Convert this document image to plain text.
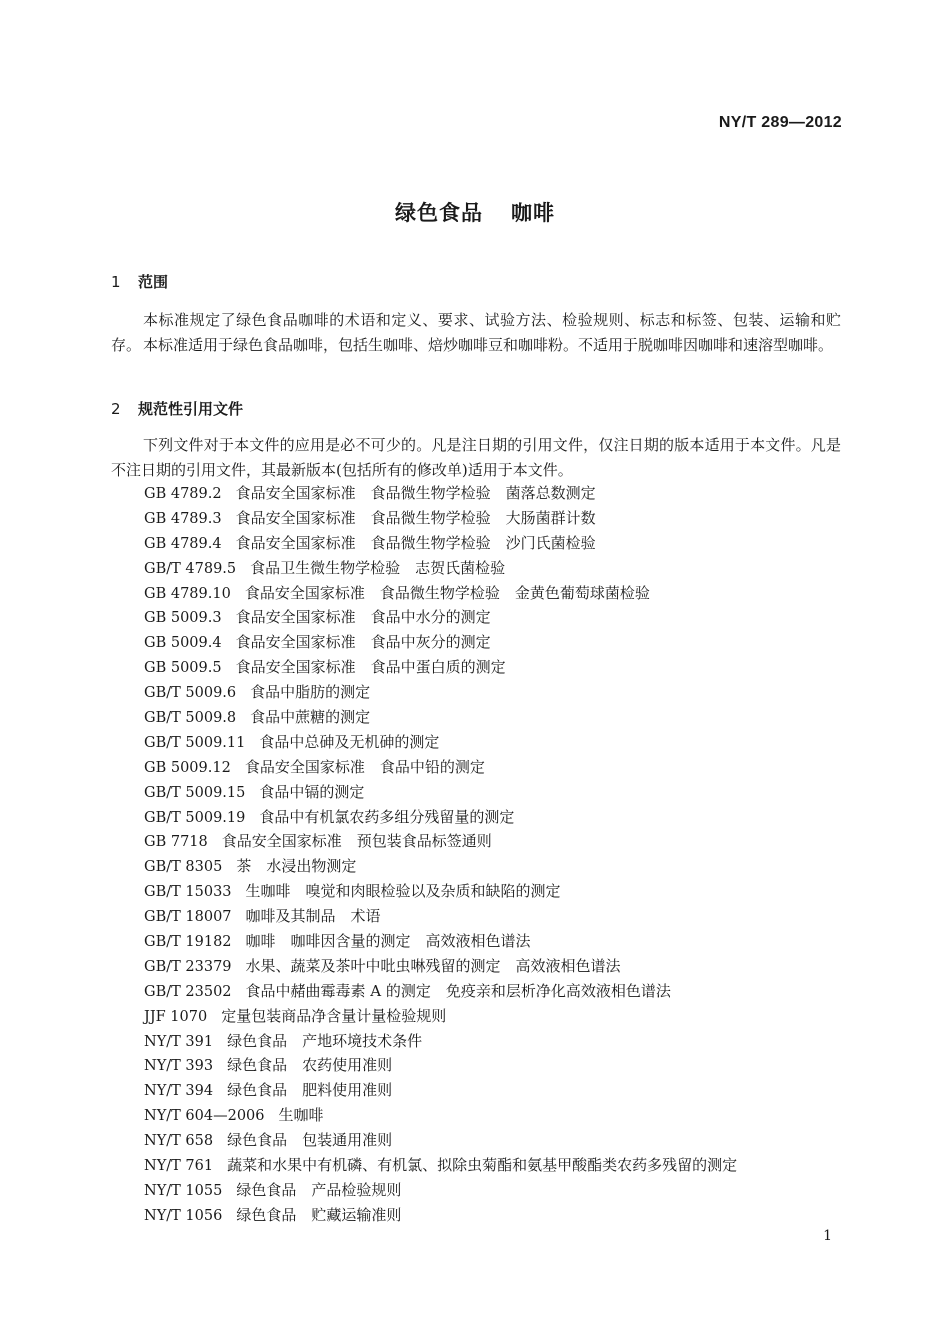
NY/T 289—2012
绿色食品 咖啡
1 范围
本标准规定了绿色食品咖啡的术语和定义、要求、试验方法、检验规则、标志和标签、包装、运输和贮存。 本标准适用于绿色食品咖啡，包括生咖啡、焙炒咖啡豆和咖啡粉。不适用于脱咖啡因咖啡和速溶型咖啡。
2 规范性引用文件
下列文件对于本文件的应用是必不可少的。凡是注日期的引用文件，仅注日期的版本适用于本文件。凡是不注日期的引用文件，其最新版本(包括所有的修改单)适用于本文件。
GB 4789.2 食品安全国家标准　食品微生物学检验　菌落总数测定
GB 4789.3 食品安全国家标准　食品微生物学检验　大肠菌群计数
GB 4789.4 食品安全国家标准　食品微生物学检验　沙门氏菌检验
GB/T 4789.5 食品卫生微生物学检验　志贺氏菌检验
GB 4789.10 食品安全国家标准　食品微生物学检验　金黄色葡萄球菌检验
GB 5009.3 食品安全国家标准　食品中水分的测定
GB 5009.4 食品安全国家标准　食品中灰分的测定
GB 5009.5 食品安全国家标准　食品中蛋白质的测定
GB/T 5009.6 食品中脂肪的测定
GB/T 5009.8 食品中蔗糖的测定
GB/T 5009.11 食品中总砷及无机砷的测定
GB 5009.12 食品安全国家标准　食品中铅的测定
GB/T 5009.15 食品中镉的测定
GB/T 5009.19 食品中有机氯农药多组分残留量的测定
GB 7718 食品安全国家标准　预包装食品标签通则
GB/T 8305 茶　水浸出物测定
GB/T 15033 生咖啡　嗅觉和肉眼检验以及杂质和缺陷的测定
GB/T 18007 咖啡及其制品　术语
GB/T 19182 咖啡　咖啡因含量的测定　高效液相色谱法
GB/T 23379 水果、蔬菜及茶叶中吡虫啉残留的测定　高效液相色谱法
GB/T 23502 食品中赭曲霉毒素 A 的测定　免疫亲和层析净化高效液相色谱法
JJF 1070 定量包装商品净含量计量检验规则
NY/T 391 绿色食品　产地环境技术条件
NY/T 393 绿色食品　农药使用准则
NY/T 394 绿色食品　肥料使用准则
NY/T 604—2006 生咖啡
NY/T 658 绿色食品　包装通用准则
NY/T 761 蔬菜和水果中有机磷、有机氯、拟除虫菊酯和氨基甲酸酯类农药多残留的测定
NY/T 1055 绿色食品　产品检验规则
NY/T 1056 绿色食品　贮藏运输准则
1
